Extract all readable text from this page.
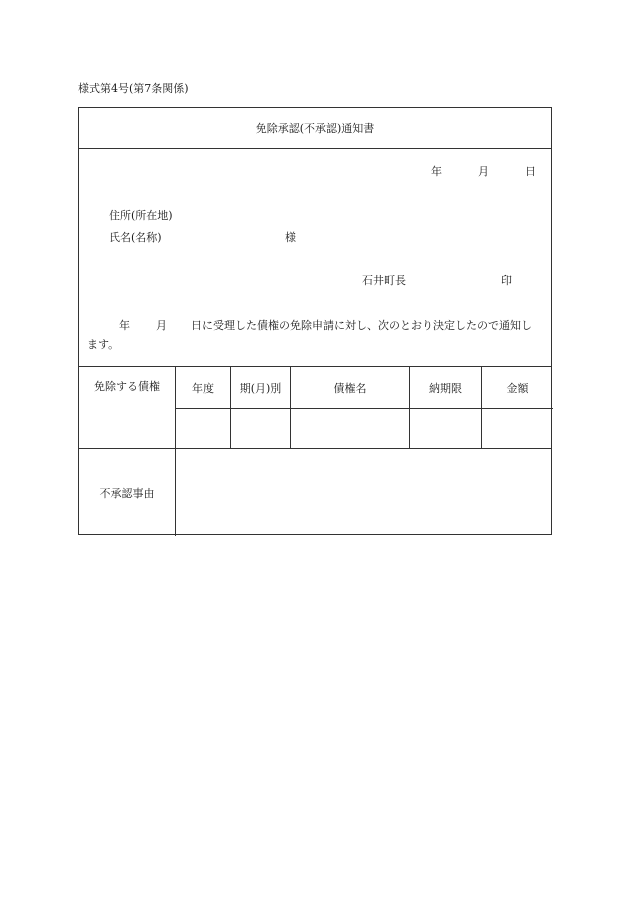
様式第4号(第7条関係)
免除承認(不承認)通知書
年	月	日
住所(所在地)
氏名(名称)	様
石井町長	印
年 月 日に受理した債権の免除申請に対し、次のとおり決定したので通知し
ます。
免除する債権	年度	期(月)別	債権名	納期限	金額
不承認事由
